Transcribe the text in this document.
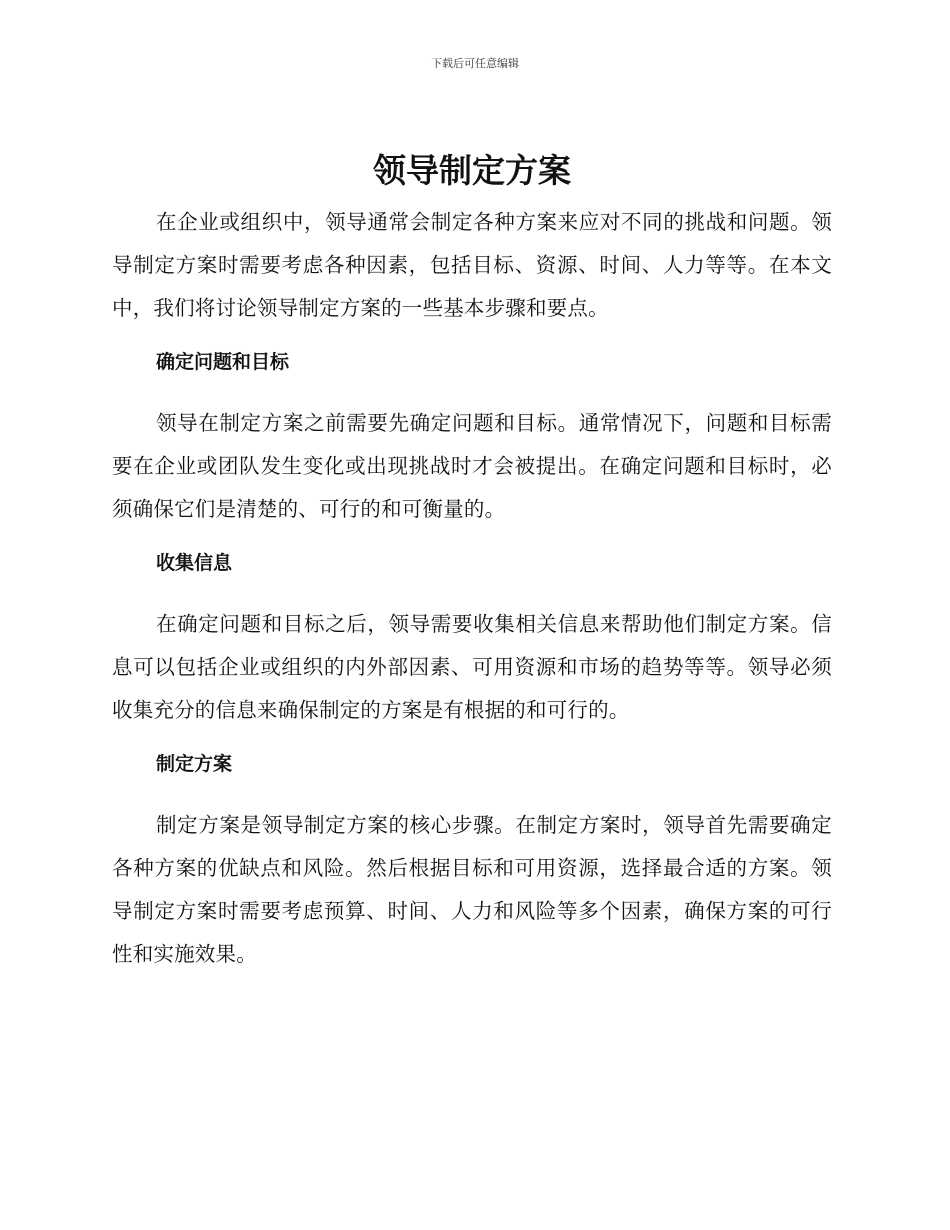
下载后可任意编辑
领导制定方案

在企业或组织中，领导通常会制定各种方案来应对不同的挑战和问题。领导制定方案时需要考虑各种因素，包括目标、资源、时间、人力等等。在本文中，我们将讨论领导制定方案的一些基本步骤和要点。

确定问题和目标

领导在制定方案之前需要先确定问题和目标。通常情况下，问题和目标需要在企业或团队发生变化或出现挑战时才会被提出。在确定问题和目标时，必须确保它们是清楚的、可行的和可衡量的。

收集信息

在确定问题和目标之后，领导需要收集相关信息来帮助他们制定方案。信息可以包括企业或组织的内外部因素、可用资源和市场的趋势等等。领导必须收集充分的信息来确保制定的方案是有根据的和可行的。

制定方案

制定方案是领导制定方案的核心步骤。在制定方案时，领导首先需要确定各种方案的优缺点和风险。然后根据目标和可用资源，选择最合适的方案。领导制定方案时需要考虑预算、时间、人力和风险等多个因素，确保方案的可行性和实施效果。
